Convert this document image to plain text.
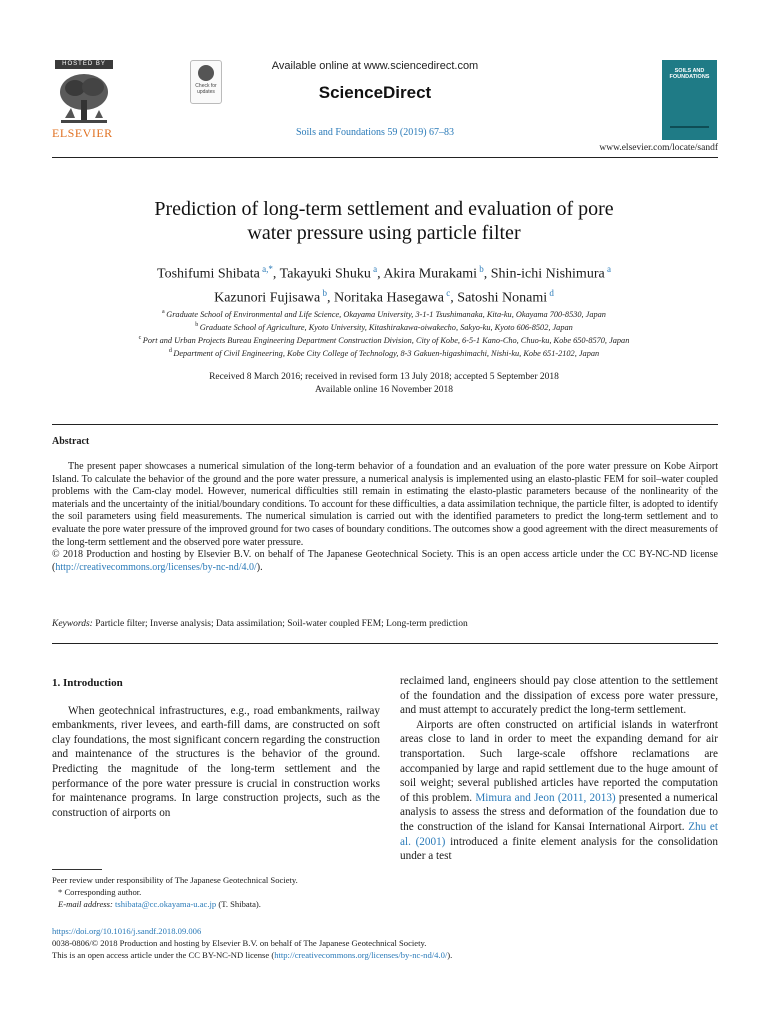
HOSTED BY
ELSEVIER
Check for updates
Available online at www.sciencedirect.com
ScienceDirect
Soils and Foundations 59 (2019) 67–83
SOILS AND FOUNDATIONS
www.elsevier.com/locate/sandf
Prediction of long-term settlement and evaluation of pore
water pressure using particle filter
Toshifumi Shibata $^{a,*}$, Takayuki Shuku $^a$, Akira Murakami $^b$, Shin-ichi Nishimura $^a$
Kazunori Fujisawa $^b$, Noritaka Hasegawa $^c$, Satoshi Nonami $^d$
$^a$ Graduate School of Environmental and Life Science, Okayama University, 3-1-1 Tsushimanaka, Kita-ku, Okayama 700-8530, Japan
$^b$ Graduate School of Agriculture, Kyoto University, Kitashirakawa-oiwakecho, Sakyo-ku, Kyoto 606-8502, Japan
$^c$ Port and Urban Projects Bureau Engineering Department Construction Division, City of Kobe, 6-5-1 Kano-Cho, Chuo-ku, Kobe 650-8570, Japan
$^d$ Department of Civil Engineering, Kobe City College of Technology, 8-3 Gakuen-higashimachi, Nishi-ku, Kobe 651-2102, Japan
Received 8 March 2016; received in revised form 13 July 2018; accepted 5 September 2018
Available online 16 November 2018
Abstract

The present paper showcases a numerical simulation of the long-term behavior of a foundation and an evaluation of the pore water pressure on Kobe Airport Island. To calculate the behavior of the ground and the pore water pressure, a numerical analysis is implemented using an elasto-plastic FEM for soil–water coupled problems with the Cam-clay model. However, numerical difficulties still remain in estimating the elasto-plastic parameters because of the nonlinearity of the materials and the uncertainty of the initial/boundary conditions. To account for these difficulties, a data assimilation technique, the particle filter, is adopted to identify the soil parameters using field measurements. The numerical simulation is carried out with the identified parameters to predict the long-term settlement and to evaluate the pore water pressure of the improved ground for two cases of boundary conditions. The outcomes show a good agreement with the direct measurements of the long-term settlement and the observed pore water pressure.

© 2018 Production and hosting by Elsevier B.V. on behalf of The Japanese Geotechnical Society. This is an open access article under the CC BY-NC-ND license (http://creativecommons.org/licenses/by-nc-nd/4.0/).

Keywords: Particle filter; Inverse analysis; Data assimilation; Soil-water coupled FEM; Long-term prediction
1. Introduction

When geotechnical infrastructures, e.g., road embankments, railway embankments, river levees, and earth-fill dams, are constructed on soft clay foundations, the most significant concern regarding the construction and maintenance of the structures is the behavior of the ground. Predicting the magnitude of the long-term settlement and the performance of the pore water pressure is crucial in construction works for maintenance programs. In large construction projects, such as the construction of airports on

reclaimed land, engineers should pay close attention to the settlement of the foundation and the dissipation of excess pore water pressure, and must attempt to accurately predict the long-term settlement.

Airports are often constructed on artificial islands in waterfront areas close to land in order to meet the expanding demand for air transportation. Such large-scale offshore reclamations are accompanied by large and rapid settlement due to the huge amount of soil weight; several published articles have reported the computation of this problem. Mimura and Jeon (2011, 2013) presented a numerical analysis to assess the stress and deformation of the foundation due to the construction of the island for Kansai International Airport. Zhu et al. (2001) introduced a finite element analysis for the consolidation under a test

Peer review under responsibility of The Japanese Geotechnical Society.
* Corresponding author.
E-mail address: tshibata@cc.okayama-u.ac.jp (T. Shibata).
https://doi.org/10.1016/j.sandf.2018.09.006
0038-0806/© 2018 Production and hosting by Elsevier B.V. on behalf of The Japanese Geotechnical Society.
This is an open access article under the CC BY-NC-ND license (http://creativecommons.org/licenses/by-nc-nd/4.0/).
